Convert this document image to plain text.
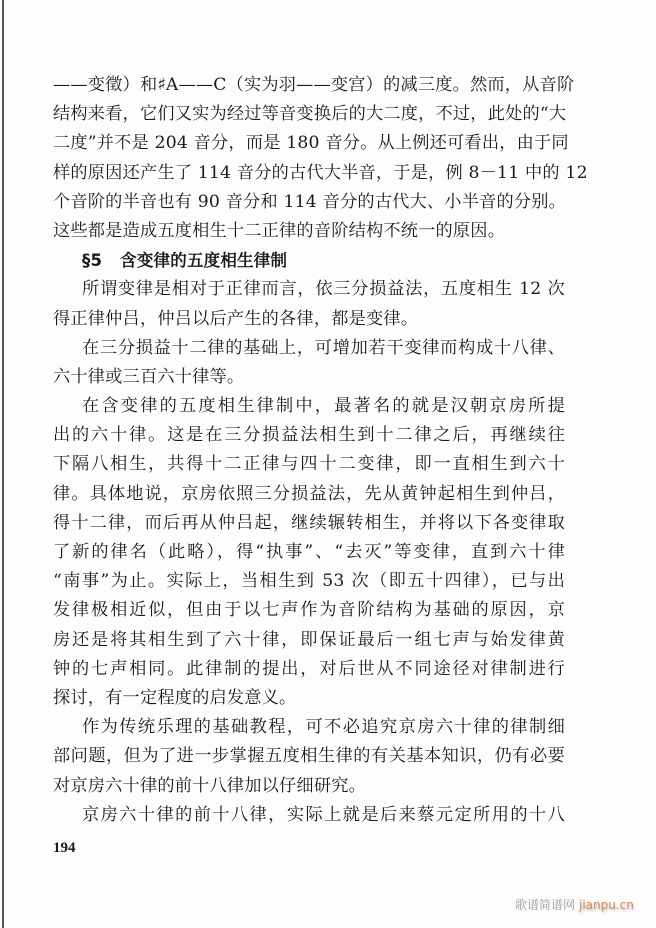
——变徵）和♯A——C（实为羽——变宫）的减三度。然而，从音阶
结构来看，它们又实为经过等音变换后的大二度，不过，此处的“大
二度”并不是 204 音分，而是 180 音分。从上例还可看出，由于同
样的原因还产生了 114 音分的古代大半音，于是，例 8－11 中的 12
个音阶的半音也有 90 音分和 114 音分的古代大、小半音的分别。
这些都是造成五度相生十二正律的音阶结构不统一的原因。
§5 含变律的五度相生律制
所谓变律是相对于正律而言，依三分损益法，五度相生 12 次
得正律仲吕，仲吕以后产生的各律，都是变律。
在三分损益十二律的基础上，可增加若干变律而构成十八律、
六十律或三百六十律等。
在含变律的五度相生律制中，最著名的就是汉朝京房所提
出的六十律。这是在三分损益法相生到十二律之后，再继续往
下隔八相生，共得十二正律与四十二变律，即一直相生到六十
律。具体地说，京房依照三分损益法，先从黄钟起相生到仲吕，
得十二律，而后再从仲吕起，继续辗转相生，并将以下各变律取
了新的律名（此略），得“执事”、“去灭”等变律，直到六十律
“南事”为止。实际上，当相生到 53 次（即五十四律），已与出
发律极相近似，但由于以七声作为音阶结构为基础的原因，京
房还是将其相生到了六十律，即保证最后一组七声与始发律黄
钟的七声相同。此律制的提出，对后世从不同途径对律制进行
探讨，有一定程度的启发意义。
作为传统乐理的基础教程，可不必追究京房六十律的律制细
部问题，但为了进一步掌握五度相生律的有关基本知识，仍有必要
对京房六十律的前十八律加以仔细研究。
京房六十律的前十八律，实际上就是后来蔡元定所用的十八
194
歌谱简谱网 jianpu.cn
